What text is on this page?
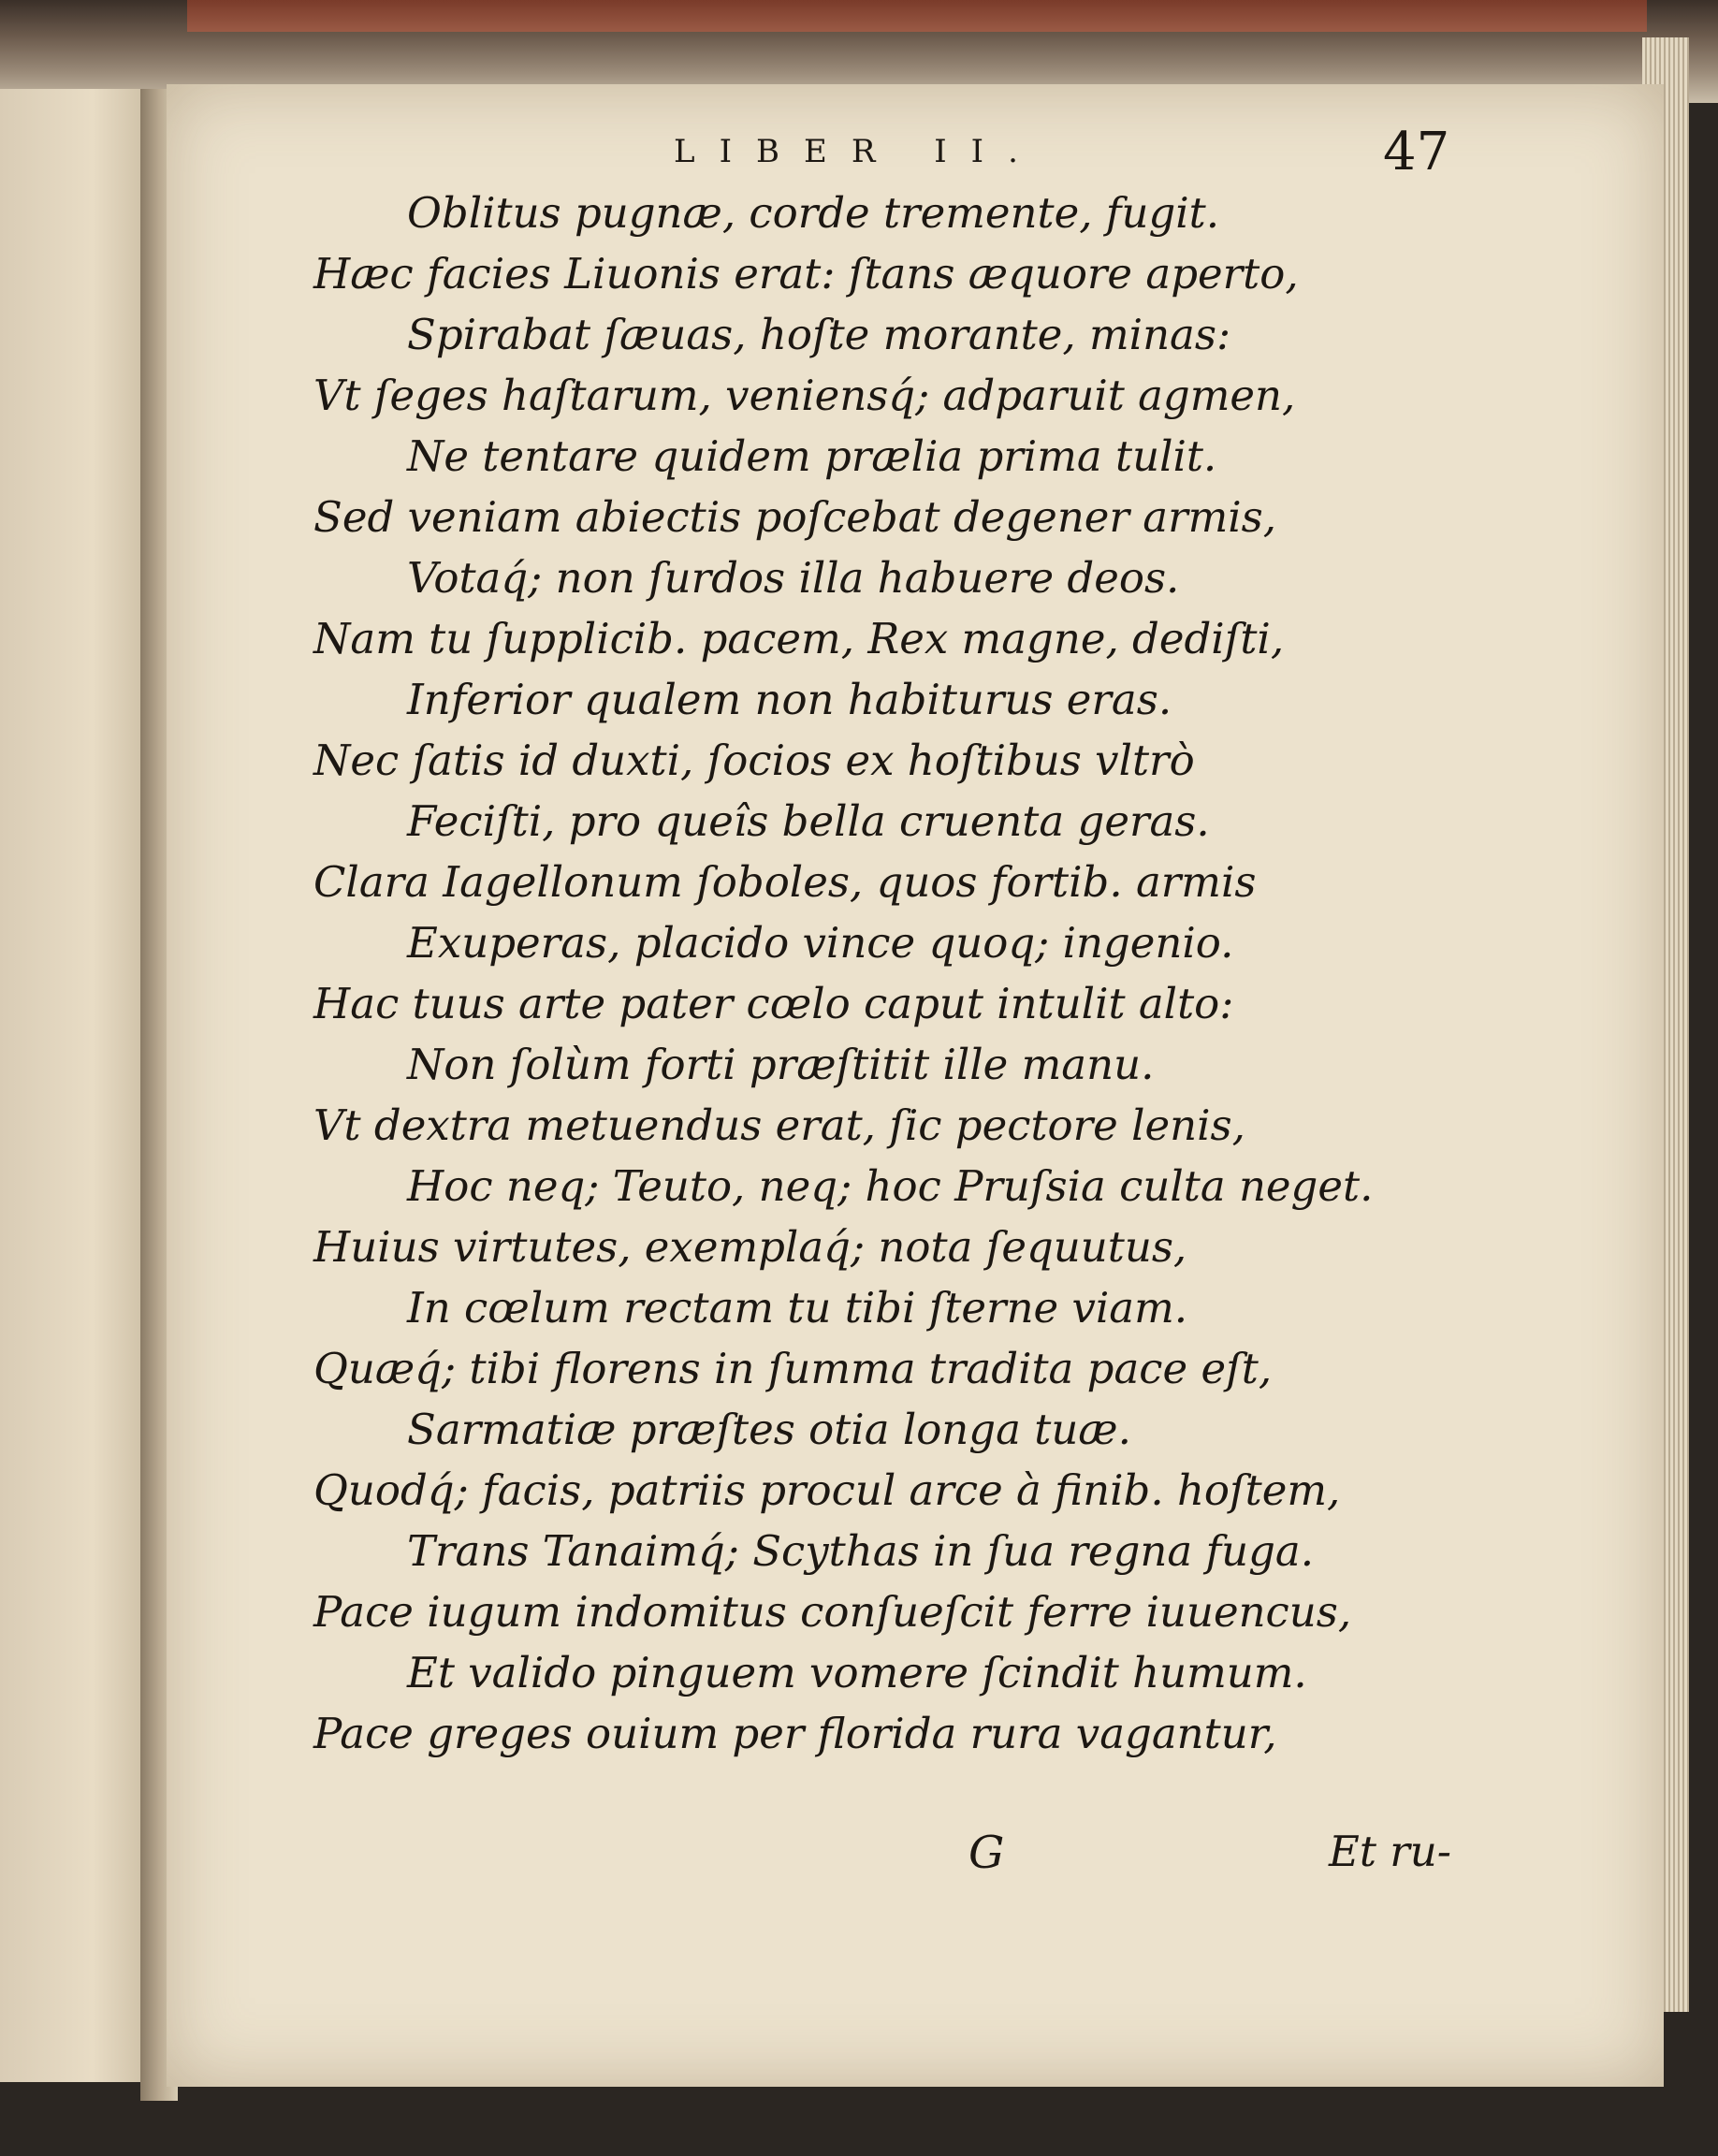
LIBER II.	47

Oblitus pugnæ, corde tremente, fugit.

Hæc facies Liuonis erat: ſtans æquore aperto,

Spirabat ſæuas, hoſte morante, minas:

Vt ſeges haſtarum, veniensq́; adparuit agmen,

Ne tentare quidem prælia prima tulit.

Sed veniam abiectis poſcebat degener armis,

Votaq́; non ſurdos illa habuere deos.

Nam tu ſupplicib. pacem, Rex magne, dediſti,

Inferior qualem non habiturus eras.

Nec ſatis id duxti, ſocios ex hoſtibus vltrò

Feciſti, pro queîs bella cruenta geras.

Clara Iagellonum ſoboles, quos fortib. armis

Exuperas, placido vince quoq; ingenio.

Hac tuus arte pater cœlo caput intulit alto:

Non ſolùm forti præſtitit ille manu.

Vt dextra metuendus erat, ſic pectore lenis,

Hoc neq; Teuto, neq; hoc Pruſsia culta neget.

Huius virtutes, exemplaq́; nota ſequutus,

In cœlum rectam tu tibi ſterne viam.

Quæq́; tibi florens in ſumma tradita pace eſt,

Sarmatiæ præſtes otia longa tuæ.

Quodq́; facis, patriis procul arce à finib. hoſtem,

Trans Tanaimq́; Scythas in ſua regna fuga.

Pace iugum indomitus conſueſcit ferre iuuencus,

Et valido pinguem vomere ſcindit humum.

Pace greges ouium per florida rura vagantur,

G	Et ru-
